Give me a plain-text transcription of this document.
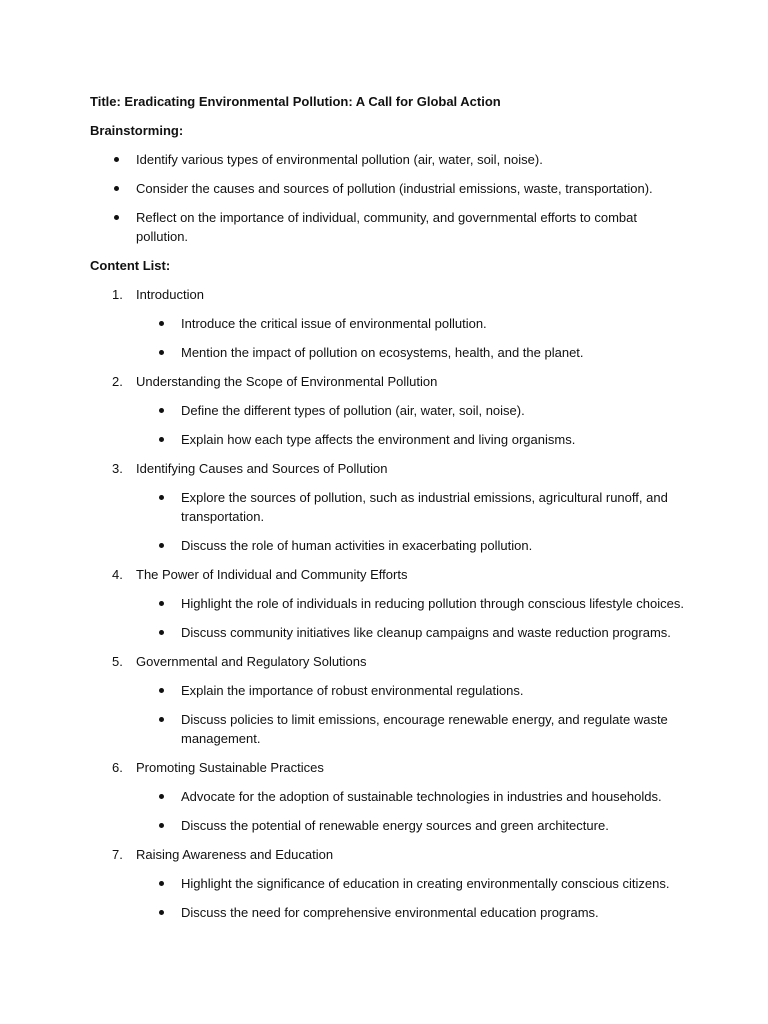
Title: Eradicating Environmental Pollution: A Call for Global Action

Brainstorming:

Identify various types of environmental pollution (air, water, soil, noise).
Consider the causes and sources of pollution (industrial emissions, waste, transportation).
Reflect on the importance of individual, community, and governmental efforts to combat pollution.

Content List:

1.	Introduction
Introduce the critical issue of environmental pollution.
Mention the impact of pollution on ecosystems, health, and the planet.
2.	Understanding the Scope of Environmental Pollution
Define the different types of pollution (air, water, soil, noise).
Explain how each type affects the environment and living organisms.
3.	Identifying Causes and Sources of Pollution
Explore the sources of pollution, such as industrial emissions, agricultural runoff, and transportation.
Discuss the role of human activities in exacerbating pollution.
4.	The Power of Individual and Community Efforts
Highlight the role of individuals in reducing pollution through conscious lifestyle choices.
Discuss community initiatives like cleanup campaigns and waste reduction programs.
5.	Governmental and Regulatory Solutions
Explain the importance of robust environmental regulations.
Discuss policies to limit emissions, encourage renewable energy, and regulate waste management.
6.	Promoting Sustainable Practices
Advocate for the adoption of sustainable technologies in industries and households.
Discuss the potential of renewable energy sources and green architecture.
7.	Raising Awareness and Education
Highlight the significance of education in creating environmentally conscious citizens.
Discuss the need for comprehensive environmental education programs.
